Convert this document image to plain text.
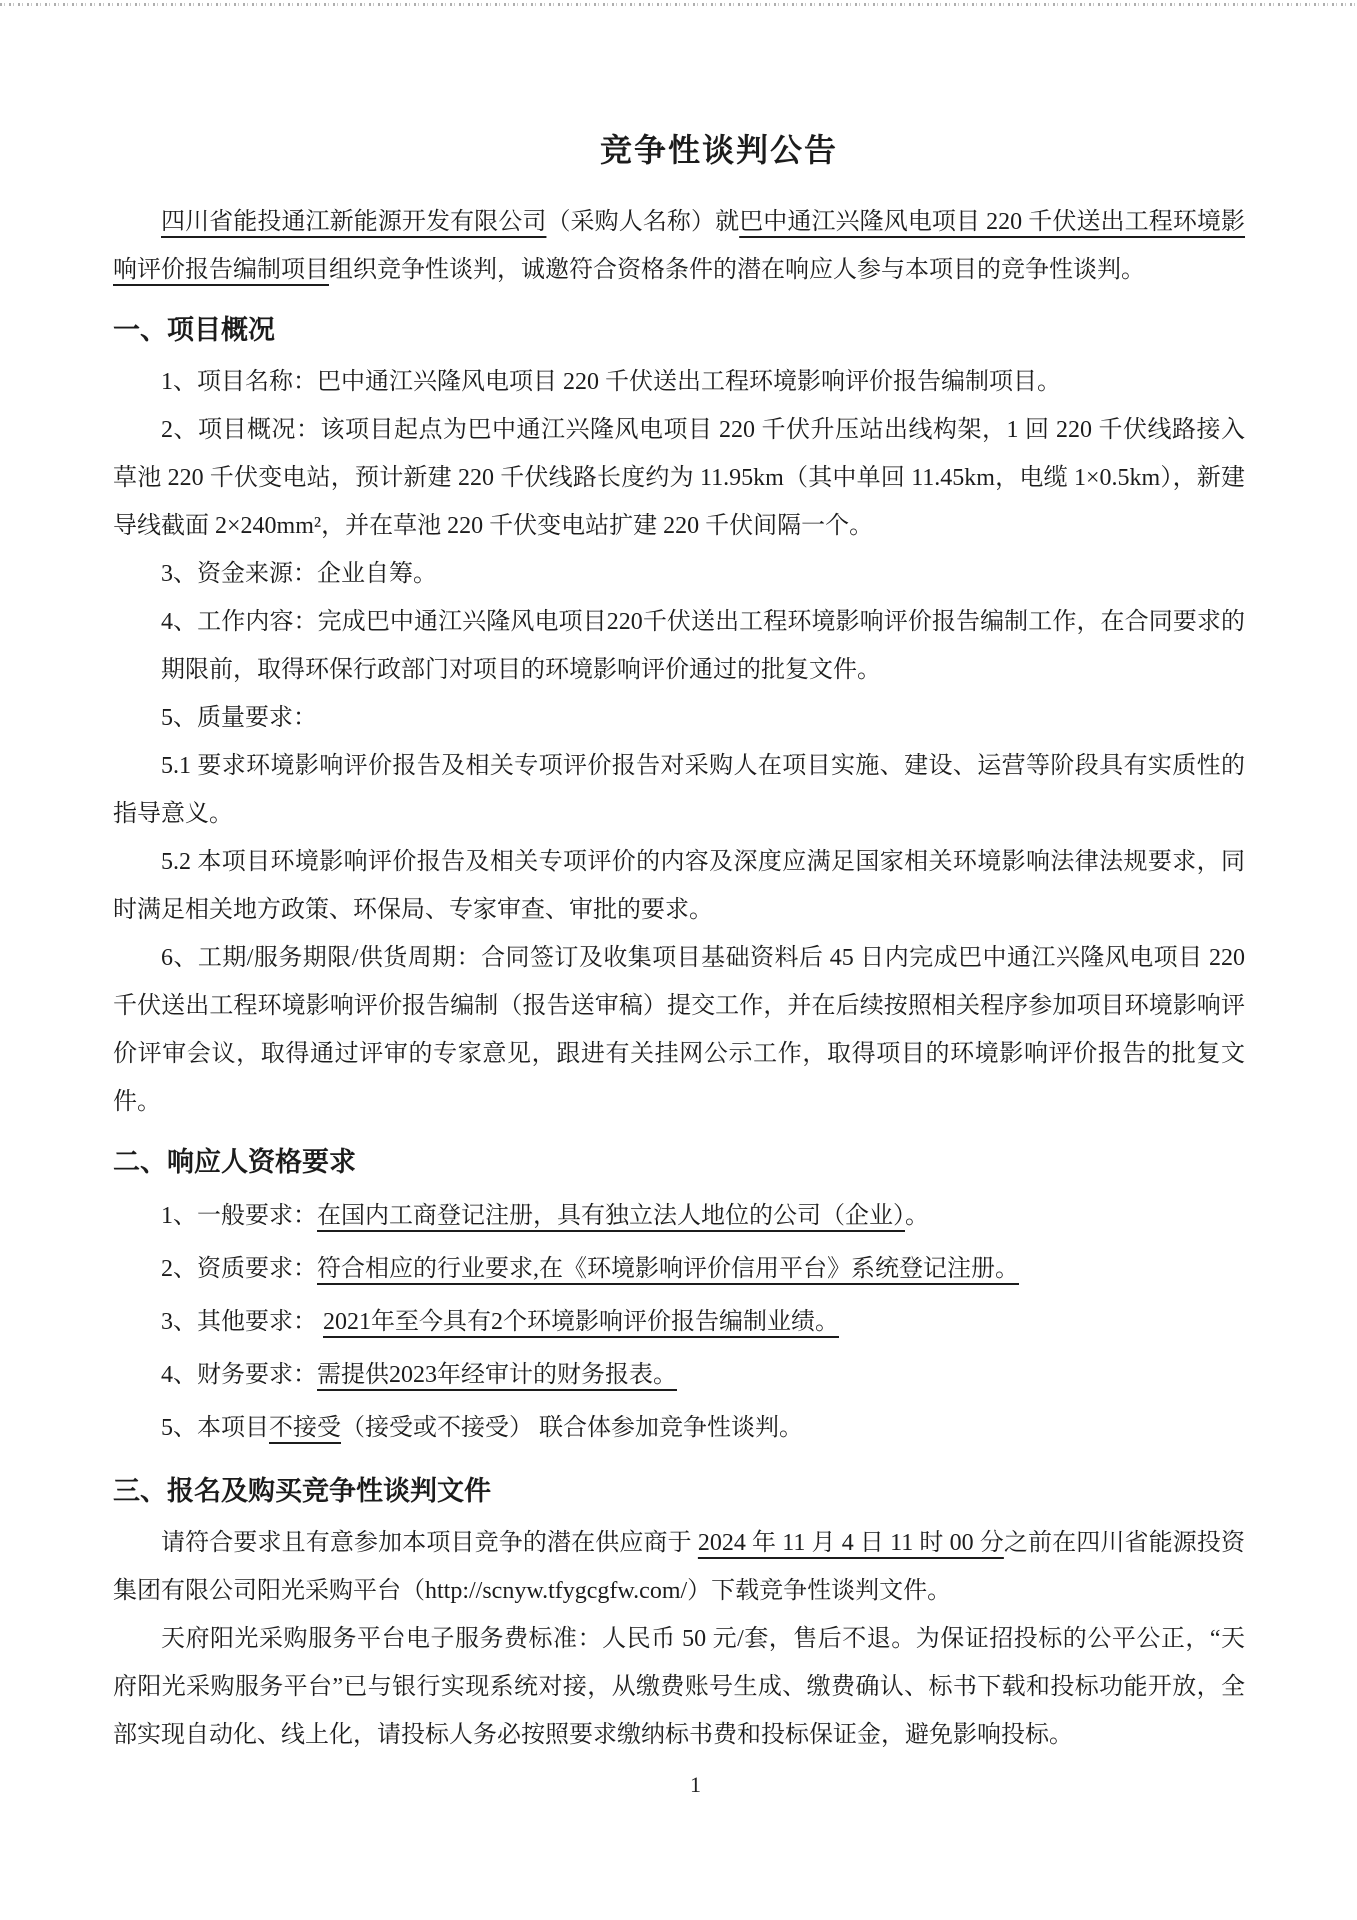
竞争性谈判公告

四川省能投通江新能源开发有限公司（采购人名称）就巴中通江兴隆风电项目 220 千伏送出工程环境影响评价报告编制项目组织竞争性谈判，诚邀符合资格条件的潜在响应人参与本项目的竞争性谈判。

一、项目概况

1、项目名称：巴中通江兴隆风电项目 220 千伏送出工程环境影响评价报告编制项目。

2、项目概况：该项目起点为巴中通江兴隆风电项目 220 千伏升压站出线构架，1 回 220 千伏线路接入草池 220 千伏变电站，预计新建 220 千伏线路长度约为 11.95km（其中单回 11.45km，电缆 1×0.5km），新建导线截面 2×240mm²，并在草池 220 千伏变电站扩建 220 千伏间隔一个。

3、资金来源：企业自筹。

4、工作内容：完成巴中通江兴隆风电项目220千伏送出工程环境影响评价报告编制工作，在合同要求的期限前，取得环保行政部门对项目的环境影响评价通过的批复文件。

5、质量要求：

5.1 要求环境影响评价报告及相关专项评价报告对采购人在项目实施、建设、运营等阶段具有实质性的指导意义。

5.2 本项目环境影响评价报告及相关专项评价的内容及深度应满足国家相关环境影响法律法规要求，同时满足相关地方政策、环保局、专家审查、审批的要求。

6、工期/服务期限/供货周期：合同签订及收集项目基础资料后 45 日内完成巴中通江兴隆风电项目 220 千伏送出工程环境影响评价报告编制（报告送审稿）提交工作，并在后续按照相关程序参加项目环境影响评价评审会议，取得通过评审的专家意见，跟进有关挂网公示工作，取得项目的环境影响评价报告的批复文件。

二、响应人资格要求

1、一般要求：在国内工商登记注册，具有独立法人地位的公司（企业）。

2、资质要求：符合相应的行业要求,在《环境影响评价信用平台》系统登记注册。

3、其他要求： 2021年至今具有2个环境影响评价报告编制业绩。

4、财务要求：需提供2023年经审计的财务报表。

5、本项目不接受（接受或不接受） 联合体参加竞争性谈判。

三、报名及购买竞争性谈判文件

请符合要求且有意参加本项目竞争的潜在供应商于 2024 年 11 月 4 日 11 时 00 分之前在四川省能源投资集团有限公司阳光采购平台（http://scnyw.tfygcgfw.com/）下载竞争性谈判文件。

天府阳光采购服务平台电子服务费标准：人民币 50 元/套，售后不退。为保证招投标的公平公正，“天府阳光采购服务平台”已与银行实现系统对接，从缴费账号生成、缴费确认、标书下载和投标功能开放，全部实现自动化、线上化，请投标人务必按照要求缴纳标书费和投标保证金，避免影响投标。

1
